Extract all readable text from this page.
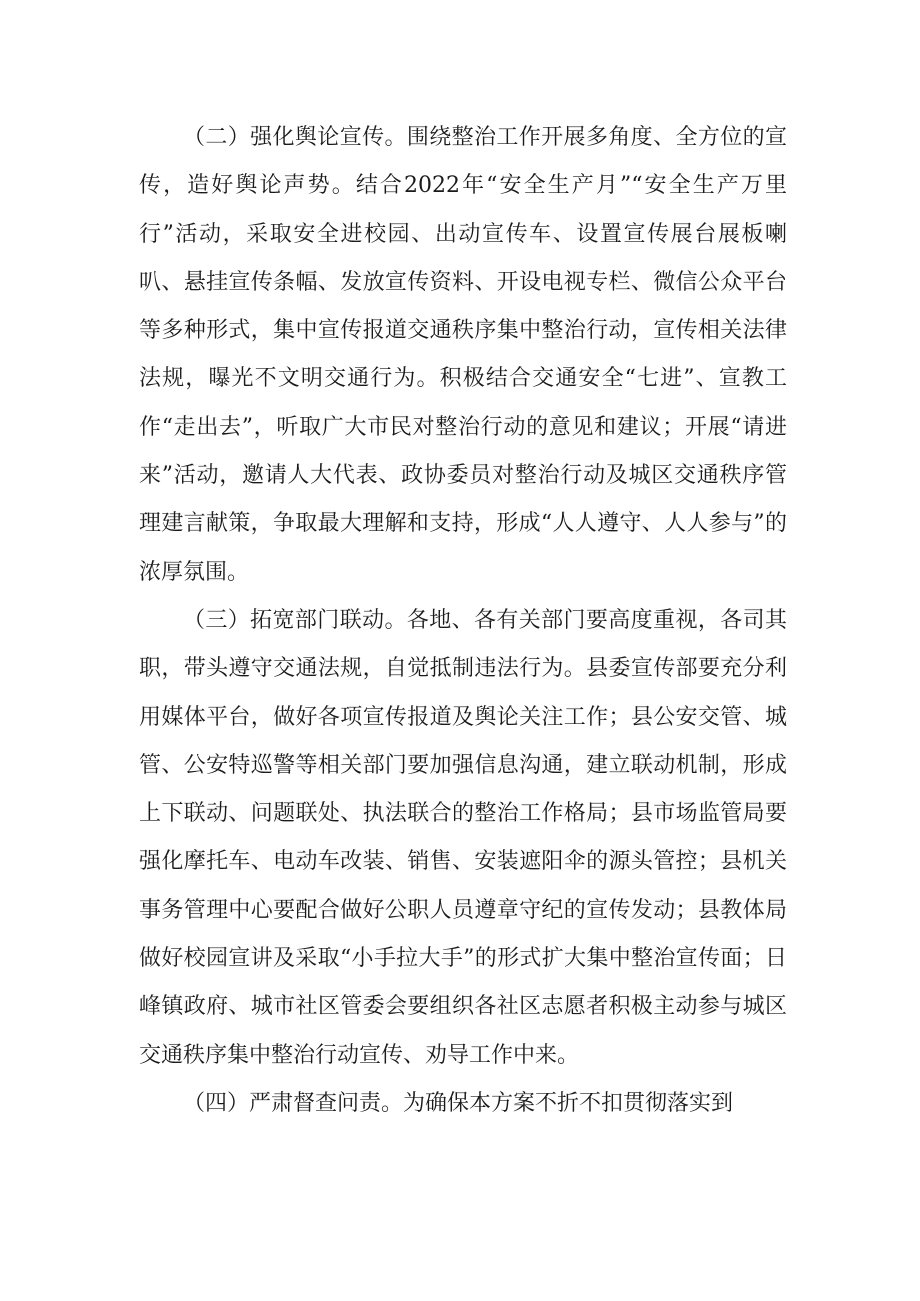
（二）强化舆论宣传。围绕整治工作开展多角度、全方位的宣传，造好舆论声势。结合2022年“安全生产月”“安全生产万里行”活动，采取安全进校园、出动宣传车、设置宣传展台展板喇叭、悬挂宣传条幅、发放宣传资料、开设电视专栏、微信公众平台等多种形式，集中宣传报道交通秩序集中整治行动，宣传相关法律法规，曝光不文明交通行为。积极结合交通安全“七进”、宣教工作“走出去”，听取广大市民对整治行动的意见和建议；开展“请进来”活动，邀请人大代表、政协委员对整治行动及城区交通秩序管理建言献策，争取最大理解和支持，形成“人人遵守、人人参与”的浓厚氛围。

（三）拓宽部门联动。各地、各有关部门要高度重视，各司其职，带头遵守交通法规，自觉抵制违法行为。县委宣传部要充分利用媒体平台，做好各项宣传报道及舆论关注工作；县公安交管、城管、公安特巡警等相关部门要加强信息沟通，建立联动机制，形成上下联动、问题联处、执法联合的整治工作格局；县市场监管局要强化摩托车、电动车改装、销售、安装遮阳伞的源头管控；县机关事务管理中心要配合做好公职人员遵章守纪的宣传发动；县教体局做好校园宣讲及采取“小手拉大手”的形式扩大集中整治宣传面；日峰镇政府、城市社区管委会要组织各社区志愿者积极主动参与城区交通秩序集中整治行动宣传、劝导工作中来。

（四）严肃督查问责。为确保本方案不折不扣贯彻落实到
